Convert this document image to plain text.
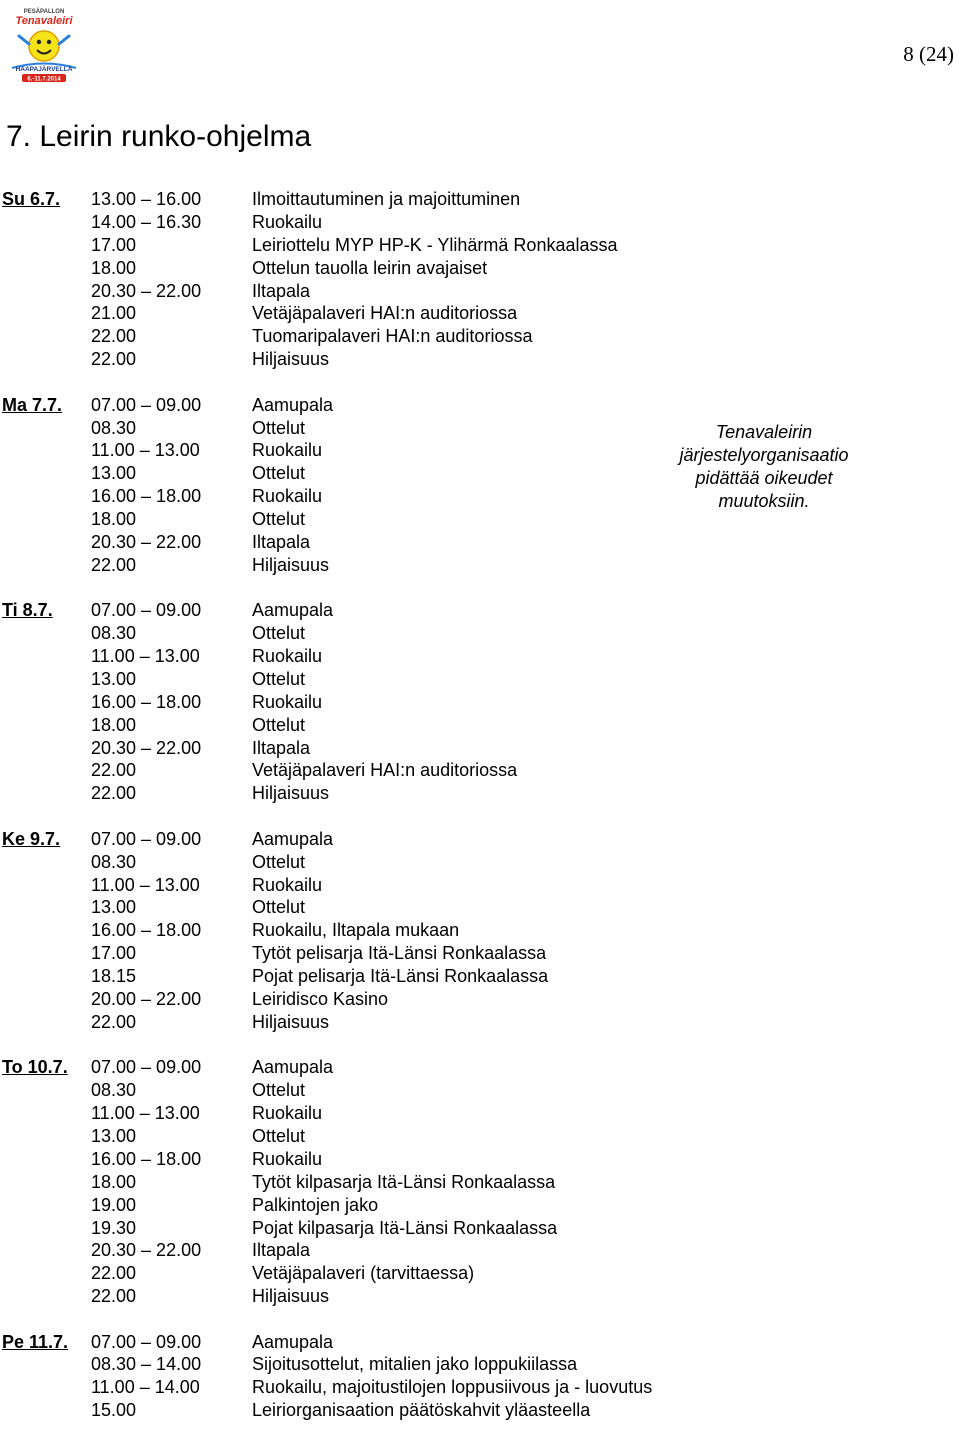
PESÄPALLON
Tenavaleiri
HAAPAJÄRVELLÄ
6.-11.7.2014
8 (24)
7. Leirin runko-ohjelma
Su 6.7. 13.00 – 16.00	Ilmoittautuminen ja majoittuminen
14.00 – 16.30	Ruokailu
17.00	Leiriottelu MYP HP-K - Ylihärmä Ronkaalassa
18.00	Ottelun tauolla leirin avajaiset
20.30 – 22.00	Iltapala
21.00	Vetäjäpalaveri HAI:n auditoriossa
22.00	Tuomaripalaveri HAI:n auditoriossa
22.00	Hiljaisuus
Ma 7.7. 07.00 – 09.00	Aamupala
08.30	Ottelut
11.00 – 13.00	Ruokailu
13.00	Ottelut
16.00 – 18.00	Ruokailu
18.00	Ottelut
20.30 – 22.00	Iltapala
22.00	Hiljaisuus
Ti 8.7. 07.00 – 09.00	Aamupala
08.30	Ottelut
11.00 – 13.00	Ruokailu
13.00	Ottelut
16.00 – 18.00	Ruokailu
18.00	Ottelut
20.30 – 22.00	Iltapala
22.00	Vetäjäpalaveri HAI:n auditoriossa
22.00	Hiljaisuus
Ke 9.7. 07.00 – 09.00	Aamupala
08.30	Ottelut
11.00 – 13.00	Ruokailu
13.00	Ottelut
16.00 – 18.00	Ruokailu, Iltapala mukaan
17.00	Tytöt pelisarja Itä-Länsi Ronkaalassa
18.15	Pojat pelisarja Itä-Länsi Ronkaalassa
20.00 – 22.00	Leiridisco Kasino
22.00	Hiljaisuus
To 10.7. 07.00 – 09.00	Aamupala
08.30	Ottelut
11.00 – 13.00	Ruokailu
13.00	Ottelut
16.00 – 18.00	Ruokailu
18.00	Tytöt kilpasarja Itä-Länsi Ronkaalassa
19.00	Palkintojen jako
19.30	Pojat kilpasarja Itä-Länsi Ronkaalassa
20.30 – 22.00	Iltapala
22.00	Vetäjäpalaveri (tarvittaessa)
22.00	Hiljaisuus
Pe 11.7. 07.00 – 09.00	Aamupala
08.30 – 14.00	Sijoitusottelut, mitalien jako loppukiilassa
11.00 – 14.00	Ruokailu, majoitustilojen loppusiivous ja - luovutus
15.00	Leiriorganisaation päätöskahvit yläasteella
Tenavaleirin järjestelyorganisaatio pidättää oikeudet muutoksiin.
